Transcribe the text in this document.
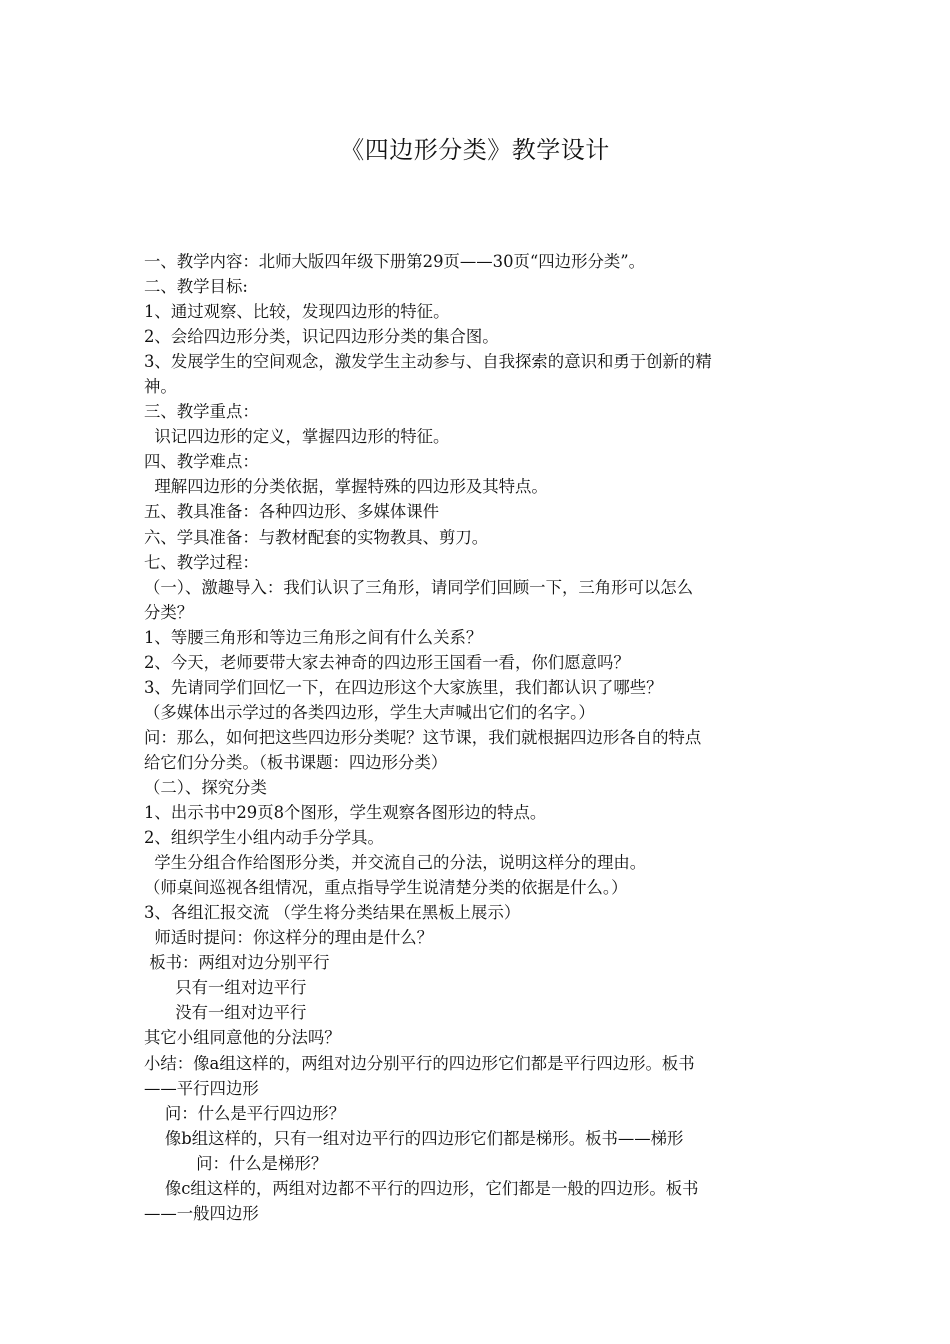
《四边形分类》教学设计
一、教学内容：北师大版四年级下册第29页——30页“四边形分类”。
二、教学目标:
1、通过观察、比较，发现四边形的特征。
2、会给四边形分类，识记四边形分类的集合图。
3、发展学生的空间观念，激发学生主动参与、自我探索的意识和勇于创新的精
神。
三、教学重点：
识记四边形的定义，掌握四边形的特征。
四、教学难点：
理解四边形的分类依据，掌握特殊的四边形及其特点。
五、教具准备：各种四边形、多媒体课件
六、学具准备：与教材配套的实物教具、剪刀。
七、教学过程：
（一）、激趣导入：我们认识了三角形，请同学们回顾一下，三角形可以怎么
分类？
1、等腰三角形和等边三角形之间有什么关系？
2、今天，老师要带大家去神奇的四边形王国看一看，你们愿意吗？
3、先请同学们回忆一下，在四边形这个大家族里，我们都认识了哪些？
（多媒体出示学过的各类四边形，学生大声喊出它们的名字。）
问：那么，如何把这些四边形分类呢？这节课，我们就根据四边形各自的特点
给它们分分类。（板书课题：四边形分类）
（二）、探究分类
1、出示书中29页8个图形，学生观察各图形边的特点。
2、组织学生小组内动手分学具。
学生分组合作给图形分类，并交流自己的分法，说明这样分的理由。
（师桌间巡视各组情况，重点指导学生说清楚分类的依据是什么。）
3、各组汇报交流 （学生将分类结果在黑板上展示）
师适时提问：你这样分的理由是什么？
板书：两组对边分别平行
只有一组对边平行
没有一组对边平行
其它小组同意他的分法吗？
小结：像a组这样的，两组对边分别平行的四边形它们都是平行四边形。板书
——平行四边形
问：什么是平行四边形？
像b组这样的，只有一组对边平行的四边形它们都是梯形。板书——梯形
问：什么是梯形？
像c组这样的，两组对边都不平行的四边形，它们都是一般的四边形。板书
——一般四边形
